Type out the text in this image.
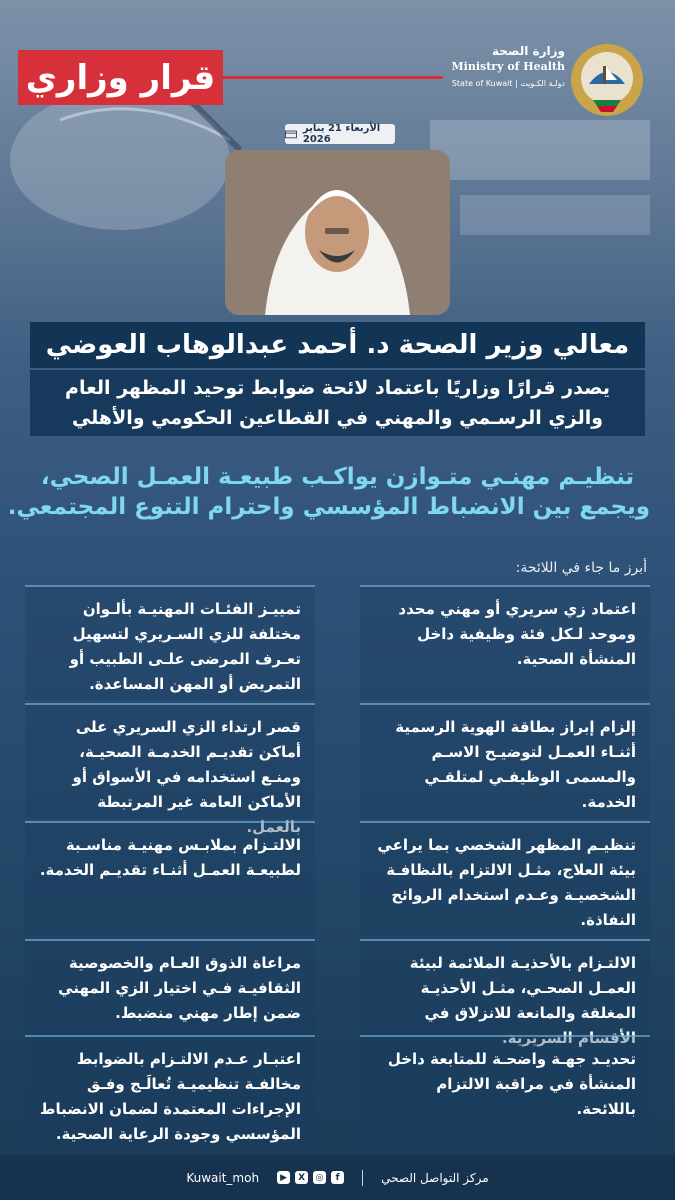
قرار وزاري
وزارة الصحة
Ministry of Health
State of Kuwait | دولـة الكـويت
الأربعاء 21 يناير 2026
معالي وزير الصحة د. أحمد عبدالوهاب العوضي
يصدر قرارًا وزاريًا باعتماد لائحة ضوابط توحيد المظهر العام
والزي الرسـمي والمهني في القطاعين الحكومي والأهلي
تنظيـم مهنـي متـوازن يواكـب طبيعـة العمـل الصحي،
ويجمع بين الانضباط المؤسسي واحترام التنوع المجتمعي.
أبرز ما جاء في اللائحة:

اعتماد زي سريري أو مهني محدد وموحد لـكل فئة وظيفية داخل المنشأة الصحية.

تمييـز الفئـات المهنيـة بألـوان مختلفة للزي السـريري لتسهيل تعـرف المرضى علـى الطبيب أو التمريض أو المهن المساعدة.

إلزام إبراز بطاقة الهوية الرسمية أثنـاء العمـل لتوضيـح الاسـم والمسمى الوظيفـي لمتلقـي الخدمة.

قصر ارتداء الزي السريري على أماكن تقديـم الخدمـة الصحيـة، ومنـع استخدامه في الأسواق أو الأماكن العامة غير المرتبطة بالعمل.

تنظيـم المظهر الشخصي بما يراعي بيئة العلاج، مثـل الالتزام بالنظافـة الشخصيـة وعـدم استخدام الروائح النفاذة.

الالتـزام بملابـس مهنيـة مناسـبة لطبيعـة العمـل أثنـاء تقديـم الخدمة.

الالتـزام بالأحذيـة الملائمة لبيئة العمـل الصحـي، مثـل الأحذيـة المغلقة والمانعة للانزلاق في الأقسام السريرية.

مراعاة الذوق العـام والخصوصية الثقافيـة فـي اختيار الزي المهني ضمن إطار مهني منضبط.

تحديـد جهـة واضحـة للمتابعة داخل المنشأة في مراقبة الالتزام باللائحة.

اعتبـار عـدم الالتـزام بالضوابط مخالفـة تنظيميـة تُعالَـج وفـق الإجراءات المعتمدة لضمان الانضباط المؤسسي وجودة الرعاية الصحية.

Kuwait_moh	▶	X	◎	f	مركز التواصل الصحي
